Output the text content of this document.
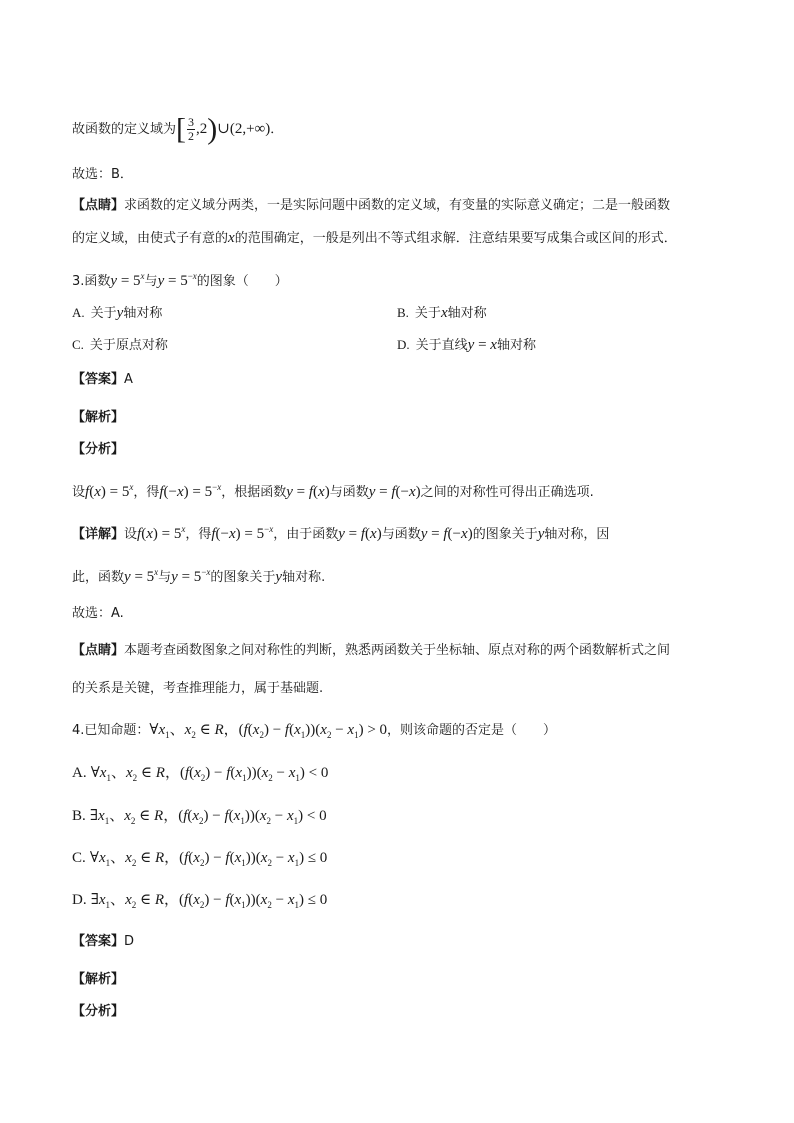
故函数的定义域为[ $\frac{3}{2}$ ,2)∪(2,+∞)．
故选：B．
【点睛】求函数的定义域分两类，一是实际问题中函数的定义域，有变量的实际意义确定；二是一般函数
的定义域，由使式子有意的x的范围确定，一般是列出不等式组求解．注意结果要写成集合或区间的形式．
3.函数$y = 5^x$与$y = 5^{-x}$的图象（　　）
A. 关于y轴对称	B. 关于x轴对称
C. 关于原点对称	D. 关于直线y = x轴对称
【答案】A
【解析】
【分析】
设$f(x) = 5^x$，得$f(-x) = 5^{-x}$，根据函数y = f(x)与函数y = f(−x)之间的对称性可得出正确选项.
【详解】设$f(x) = 5^x$，得$f(-x) = 5^{-x}$，由于函数y = f(x)与函数y = f(−x)的图象关于y轴对称，因
此，函数$y = 5^x$与$y = 5^{-x}$的图象关于y轴对称.
故选：A.
【点睛】本题考查函数图象之间对称性的判断，熟悉两函数关于坐标轴、原点对称的两个函数解析式之间
的关系是关键，考查推理能力，属于基础题.
4.已知命题：$\forall x_1$、$x_2$ ∈ R，$(f(x_2) - f(x_1))(x_2 - x_1) > 0$，则该命题的否定是（　　）
A. $\forall x_1$、$x_2$ ∈ R，$(f(x_2) - f(x_1))(x_2 - x_1) < 0$
B. $\exists x_1$、$x_2$ ∈ R，$(f(x_2) - f(x_1))(x_2 - x_1) < 0$
C. $\forall x_1$、$x_2$ ∈ R，$(f(x_2) - f(x_1))(x_2 - x_1) \le 0$
D. $\exists x_1$、$x_2$ ∈ R，$(f(x_2) - f(x_1))(x_2 - x_1) \le 0$
【答案】D
【解析】
【分析】
